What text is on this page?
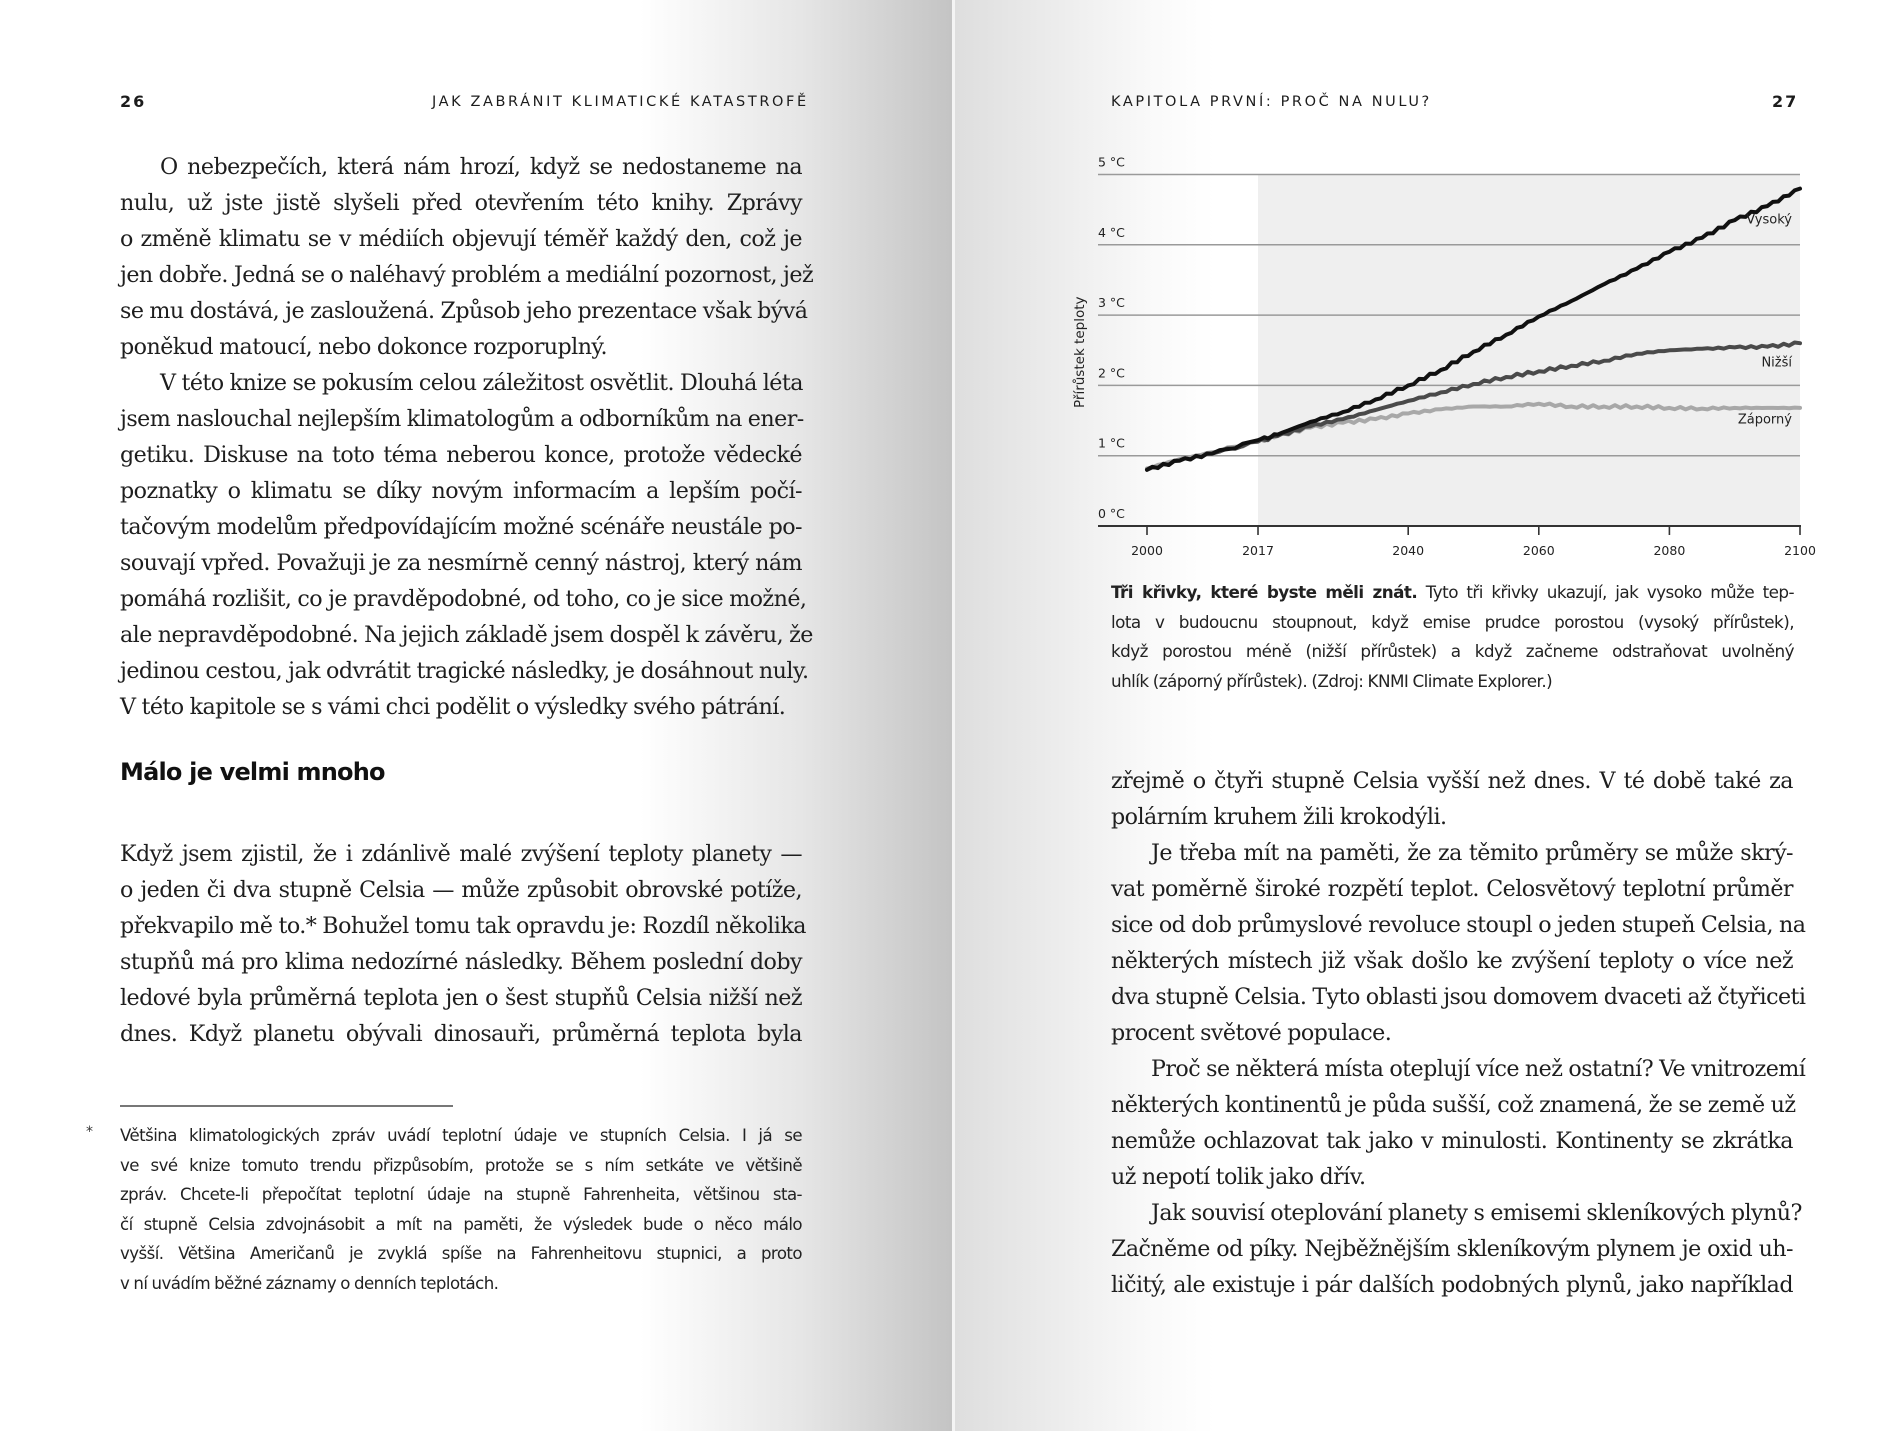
26	JAK ZABRÁNIT KLIMATICKÉ KATASTROFĚ
O nebezpečích, která nám hrozí, když se nedostaneme na
nulu, už jste jistě slyšeli před otevřením této knihy. Zprávy
o změně klimatu se v médiích objevují téměř každý den, což je
jen dobře. Jedná se o naléhavý problém a mediální pozornost, jež
se mu dostává, je zasloužená. Způsob jeho prezentace však bývá
poněkud matoucí, nebo dokonce rozporuplný.
V této knize se pokusím celou záležitost osvětlit. Dlouhá léta
jsem naslouchal nejlepším klimatologům a odborníkům na ener-
getiku. Diskuse na toto téma neberou konce, protože vědecké
poznatky o klimatu se díky novým informacím a lepším počí-
tačovým modelům předpovídajícím možné scénáře neustále po-
souvají vpřed. Považuji je za nesmírně cenný nástroj, který nám
pomáhá rozlišit, co je pravděpodobné, od toho, co je sice možné,
ale nepravděpodobné. Na jejich základě jsem dospěl k závěru, že
jedinou cestou, jak odvrátit tragické následky, je dosáhnout nuly.
V této kapitole se s vámi chci podělit o výsledky svého pátrání.
Málo je velmi mnoho
Když jsem zjistil, že i zdánlivě malé zvýšení teploty planety —
o jeden či dva stupně Celsia — může způsobit obrovské potíže,
překvapilo mě to.* Bohužel tomu tak opravdu je: Rozdíl několika
stupňů má pro klima nedozírné následky. Během poslední doby
ledové byla průměrná teplota jen o šest stupňů Celsia nižší než
dnes. Když planetu obývali dinosauři, průměrná teplota byla
* Většina klimatologických zpráv uvádí teplotní údaje ve stupních Celsia. I já se
ve své knize tomuto trendu přizpůsobím, protože se s ním setkáte ve většině
zpráv. Chcete-li přepočítat teplotní údaje na stupně Fahrenheita, většinou sta-
čí stupně Celsia zdvojnásobit a mít na paměti, že výsledek bude o něco málo
vyšší. Většina Američanů je zvyklá spíše na Fahrenheitovu stupnici, a proto
v ní uvádím běžné záznamy o denních teplotách.
KAPITOLA PRVNÍ: PROČ NA NULU?	27
0 °C
1 °C
2 °C
3 °C
4 °C
5 °C
2000	2017	2040	2060	2080	2100
Přírůstek teploty
Vysoký
Nižší
Záporný
Tři křivky, které byste měli znát. Tyto tři křivky ukazují, jak vysoko může tep-
lota v budoucnu stoupnout, když emise prudce porostou (vysoký přírůstek),
když porostou méně (nižší přírůstek) a když začneme odstraňovat uvolněný
uhlík (záporný přírůstek). (Zdroj: KNMI Climate Explorer.)
zřejmě o čtyři stupně Celsia vyšší než dnes. V té době také za
polárním kruhem žili krokodýli.
Je třeba mít na paměti, že za těmito průměry se může skrý-
vat poměrně široké rozpětí teplot. Celosvětový teplotní průměr
sice od dob průmyslové revoluce stoupl o jeden stupeň Celsia, na
některých místech již však došlo ke zvýšení teploty o více než
dva stupně Celsia. Tyto oblasti jsou domovem dvaceti až čtyřiceti
procent světové populace.
Proč se některá místa oteplují více než ostatní? Ve vnitrozemí
některých kontinentů je půda sušší, což znamená, že se země už
nemůže ochlazovat tak jako v minulosti. Kontinenty se zkrátka
už nepotí tolik jako dřív.
Jak souvisí oteplování planety s emisemi skleníkových plynů?
Začněme od píky. Nejběžnějším skleníkovým plynem je oxid uh-
ličitý, ale existuje i pár dalších podobných plynů, jako například
